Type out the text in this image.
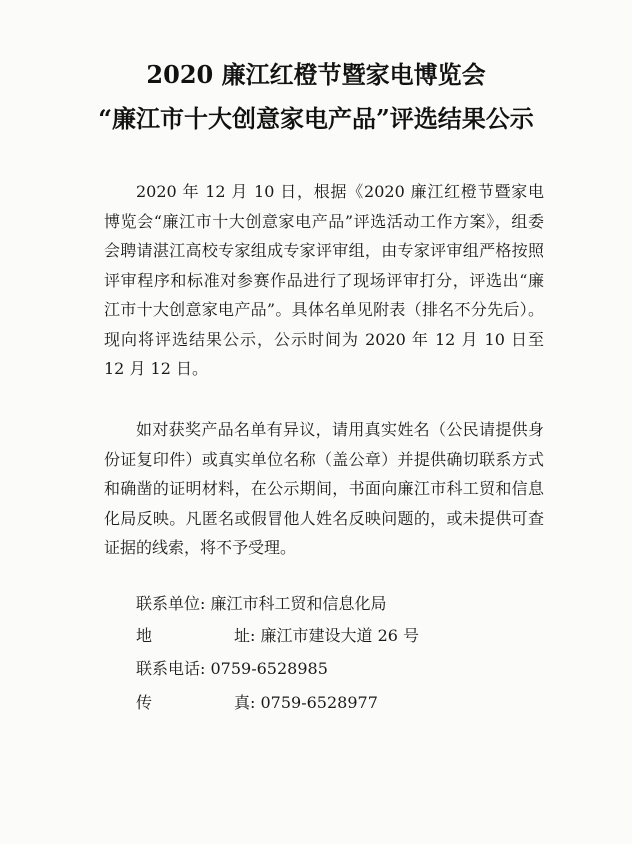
2020 廉江红橙节暨家电博览会
“廉江市十大创意家电产品”评选结果公示

2020 年 12 月 10 日，根据《2020 廉江红橙节暨家电博览会“廉江市十大创意家电产品”评选活动工作方案》，组委会聘请湛江高校专家组成专家评审组，由专家评审组严格按照评审程序和标准对参赛作品进行了现场评审打分，评选出“廉江市十大创意家电产品”。具体名单见附表（排名不分先后）。现向将评选结果公示，公示时间为 2020 年 12 月 10 日至 12 月 12 日。

如对获奖产品名单有异议，请用真实姓名（公民请提供身份证复印件）或真实单位名称（盖公章）并提供确切联系方式和确凿的证明材料，在公示期间，书面向廉江市科工贸和信息化局反映。凡匿名或假冒他人姓名反映问题的，或未提供可查证据的线索，将不予受理。

联系单位: 廉江市科工贸和信息化局
地	址: 廉江市建设大道 26 号
联系电话: 0759-6528985
传	真: 0759-6528977
